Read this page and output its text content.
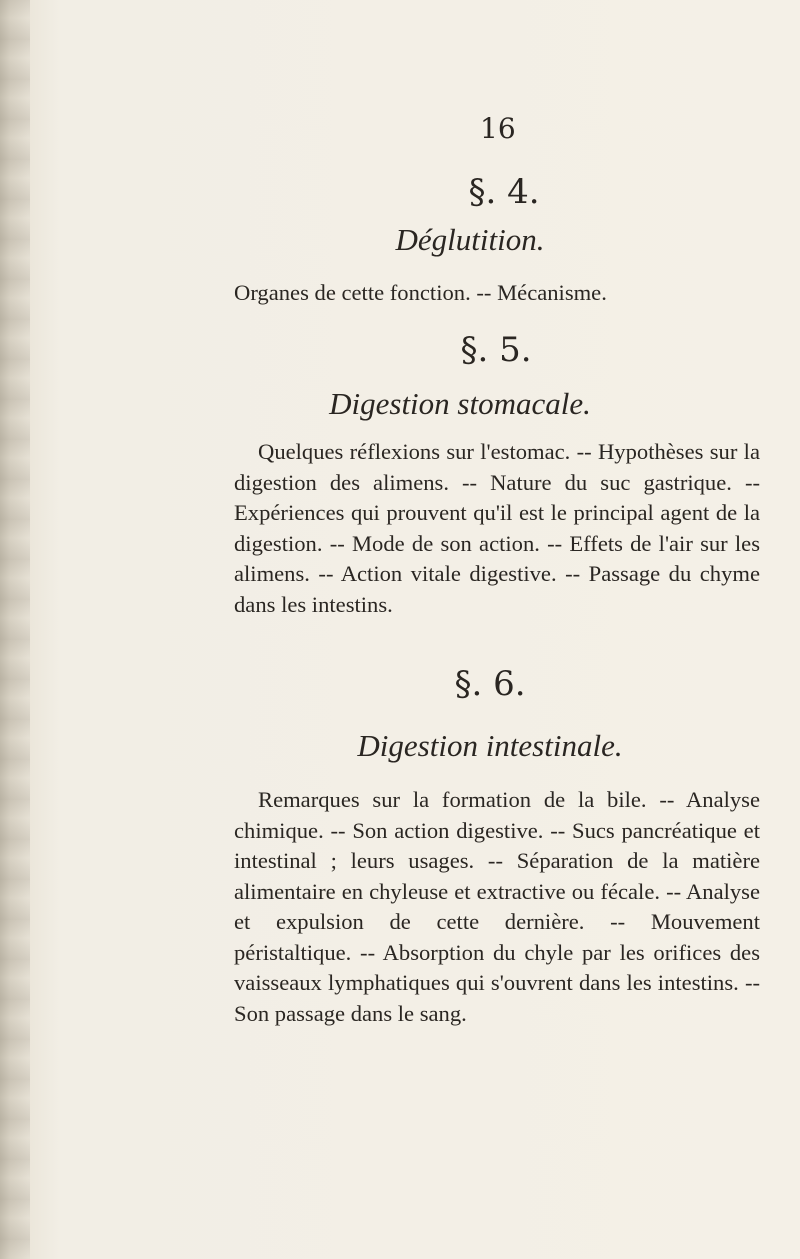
16
§. 4.
Déglutition.
Organes de cette fonction. -- Mécanisme.
§. 5.
Digestion stomacale.
Quelques réflexions sur l'estomac. -- Hypothèses sur la digestion des alimens. -- Nature du suc gastrique. -- Expériences qui prouvent qu'il est le principal agent de la digestion. -- Mode de son action. -- Effets de l'air sur les alimens. -- Action vitale digestive. -- Passage du chyme dans les intestins.
§. 6.
Digestion intestinale.
Remarques sur la formation de la bile. -- Analyse chimique. -- Son action digestive. -- Sucs pancréatique et intestinal ; leurs usages. -- Séparation de la matière alimentaire en chyleuse et extractive ou fécale. -- Analyse et expulsion de cette dernière. -- Mouvement péristaltique. -- Absorption du chyle par les orifices des vaisseaux lymphatiques qui s'ouvrent dans les intestins. -- Son passage dans le sang.
